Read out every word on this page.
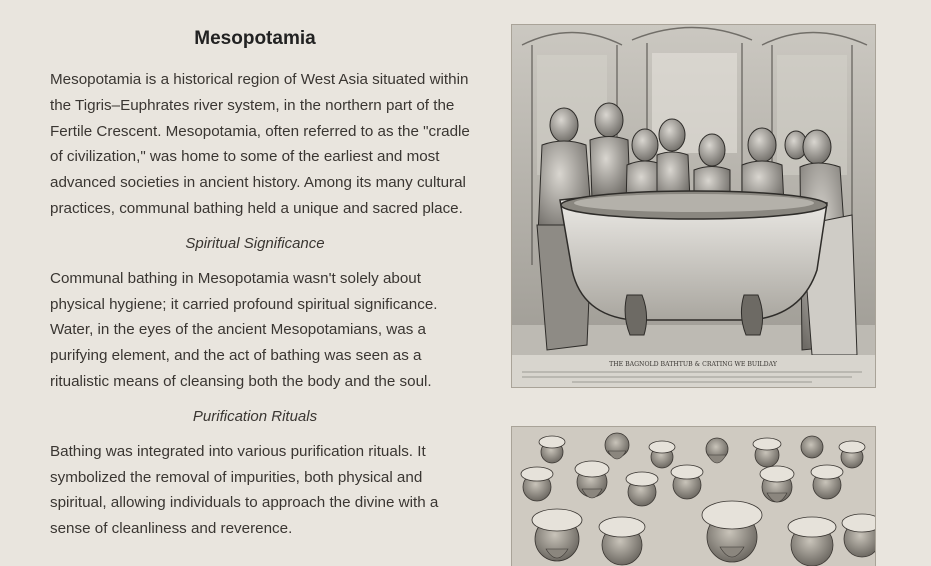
Mesopotamia

Mesopotamia is a historical region of West Asia situated within

the Tigris–Euphrates river system, in the northern part of the

Fertile Crescent. Mesopotamia, often referred to as the "cradle

of civilization," was home to some of the earliest and most

advanced societies in ancient history. Among its many cultural

practices, communal bathing held a unique and sacred place.

Spiritual Significance

Communal bathing in Mesopotamia wasn't solely about

physical hygiene; it carried profound spiritual significance.

Water, in the eyes of the ancient Mesopotamians, was a

purifying element, and the act of bathing was seen as a

ritualistic means of cleansing both the body and the soul.

Purification Rituals

Bathing was integrated into various purification rituals. It

symbolized the removal of impurities, both physical and

spiritual, allowing individuals to approach the divine with a

sense of cleanliness and reverence.

THE BAGNOLD BATHTUB & CRATING WE BUILDAY
